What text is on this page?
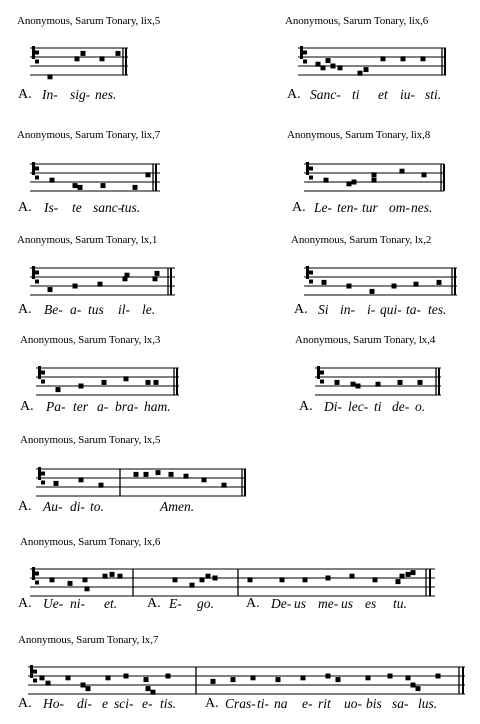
Anonymous, Sarum Tonary, lix,5
A. In- sig- nes.
Anonymous, Sarum Tonary, lix,6
A. Sanc- ti et iu- sti.
Anonymous, Sarum Tonary, lix,7
A. Is- te sanc-
tus.
Anonymous, Sarum Tonary, lix,8
A. Le- ten- tur om- nes.
Anonymous, Sarum Tonary, lx,1
A. Be- a- tus il- le.
Anonymous, Sarum Tonary, lx,2
A. Si in- i- qui- ta- tes.
Anonymous, Sarum Tonary, lx,3
A. Pa- ter a- bra- ham.
Anonymous, Sarum Tonary, lx,4
A. Di- lec- ti de- o.
Anonymous, Sarum Tonary, lx,5
A. Au- di- to.	Amen.
Anonymous, Sarum Tonary, lx,6
A. Ue- ni- et. A. E- go. A. De- us me- us es tu.
Anonymous, Sarum Tonary, lx,7
A. Ho- di- e sci- e- tis. A. Cras- ti- na e- rit uo- bis sa- lus.
